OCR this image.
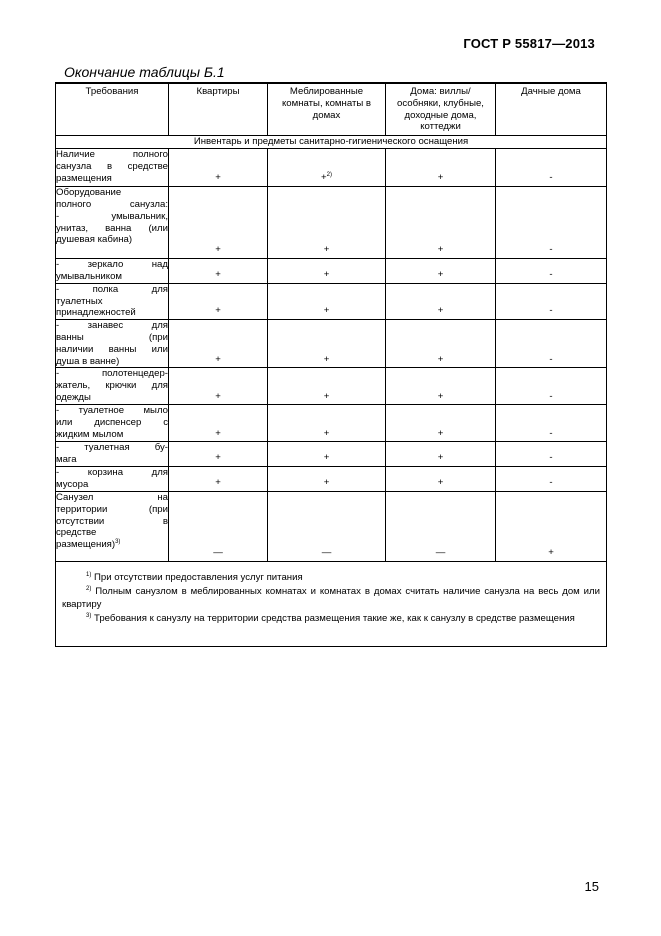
ГОСТ Р 55817—2013
Окончание таблицы Б.1
Требования	Квартиры	Меблированные комнаты, комнаты в домах	Дома: виллы/особняки, клубные, доходные дома, коттеджи	Дачные дома
Инвентарь и предметы санитарно-гигиенического оснащения				

Наличие полного
санузла в средстве
размещения	+	+$^{2)}$	+	-

Оборудование
полного санузла:
- умывальник,
унитаз, ванна (или
душевая кабина)	+	+	+	-

- зеркало над
умывальником	+	+	+	-

- полка для
туалетных
принадлежностей	+	+	+	-

- занавес для
ванны (при
наличии ванны или
душа в ванне)	+	+	+	-

- полотенцедер-
жатель, крючки для
одежды	+	+	+	-

- туалетное мыло
или диспенсер с
жидким мылом	+	+	+	-

- туалетная бу-
мага	+	+	+	-

- корзина для
мусора	+	+	+	-

Санузел на
территории (при
отсутствии в
средстве
размещения)$^{3)}$	—	—	—	+

$^{1)}$ При отсутствии предоставления услуг питания
$^{2)}$ Полным санузлом в меблированных комнатах и комнатах в домах считать наличие санузла на весь дом или квартиру
$^{3)}$ Требования к санузлу на территории средства размещения такие же, как к санузлу в средстве размещения				
15
